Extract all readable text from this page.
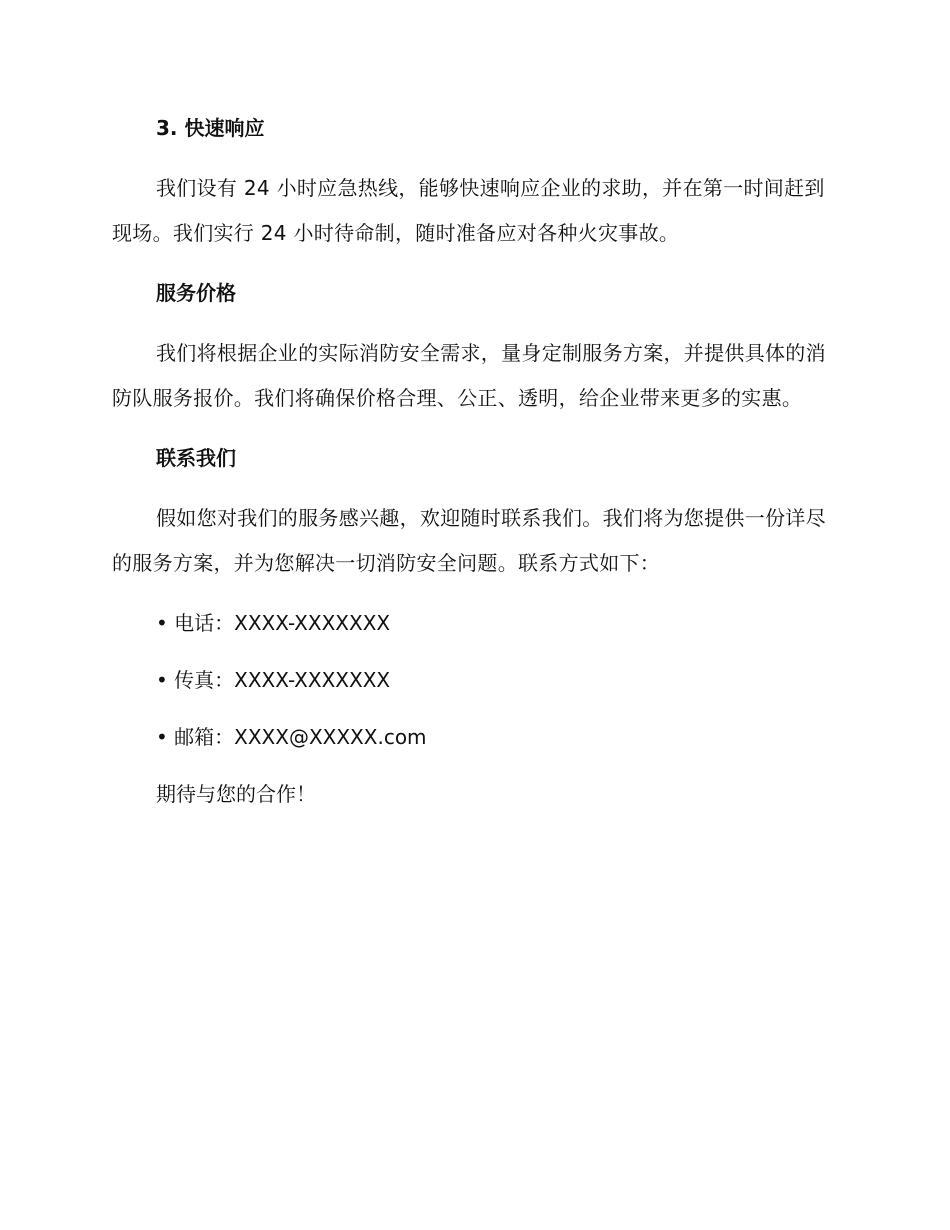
3. 快速响应
我们设有 24 小时应急热线，能够快速响应企业的求助，并在第一时间赶到现场。我们实行 24 小时待命制，随时准备应对各种火灾事故。
服务价格
我们将根据企业的实际消防安全需求，量身定制服务方案，并提供具体的消防队服务报价。我们将确保价格合理、公正、透明，给企业带来更多的实惠。
联系我们
假如您对我们的服务感兴趣，欢迎随时联系我们。我们将为您提供一份详尽的服务方案，并为您解决一切消防安全问题。联系方式如下：
• 电话：XXXX-XXXXXXX
• 传真：XXXX-XXXXXXX
• 邮箱：XXXX@XXXXX.com
期待与您的合作！
